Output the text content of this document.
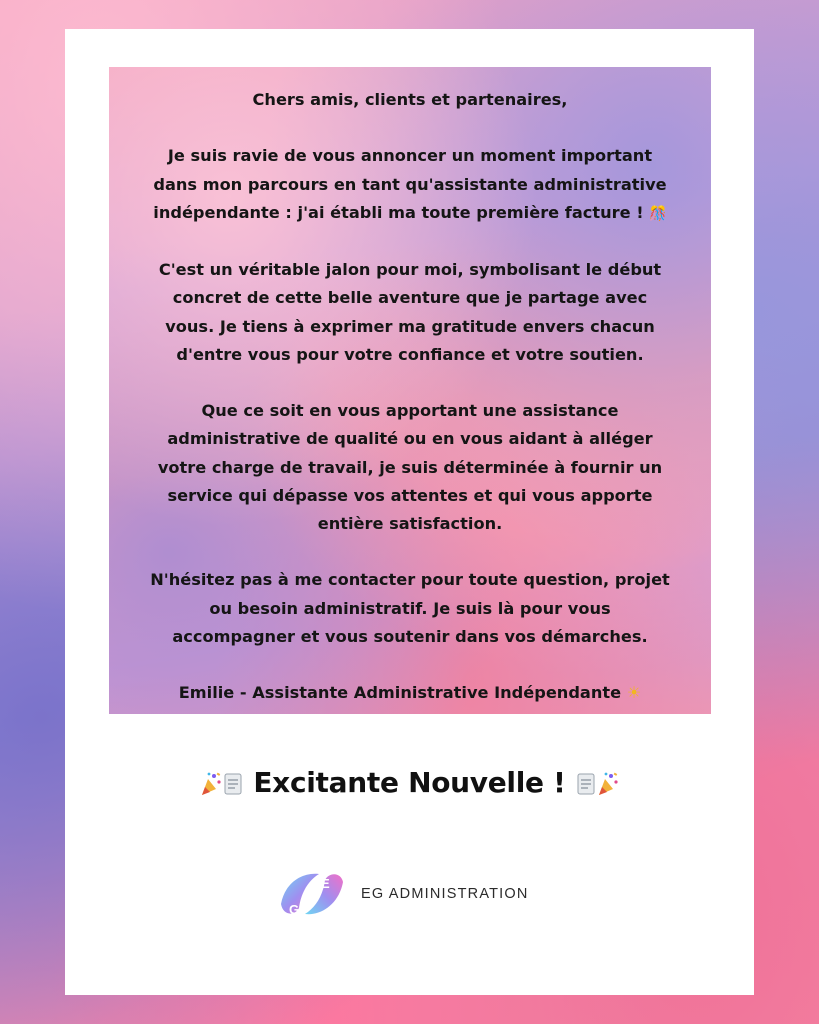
Chers amis, clients et partenaires,

Je suis ravie de vous annoncer un moment important

dans mon parcours en tant qu'assistante administrative

indépendante : j'ai établi ma toute première facture ! 🎊

C'est un véritable jalon pour moi, symbolisant le début

concret de cette belle aventure que je partage avec

vous. Je tiens à exprimer ma gratitude envers chacun

d'entre vous pour votre confiance et votre soutien.

Que ce soit en vous apportant une assistance

administrative de qualité ou en vous aidant à alléger

votre charge de travail, je suis déterminée à fournir un

service qui dépasse vos attentes et qui vous apporte

entière satisfaction.

N'hésitez pas à me contacter pour toute question, projet

ou besoin administratif. Je suis là pour vous

accompagner et vous soutenir dans vos démarches.

Emilie - Assistante Administrative Indépendante ☀

Excitante Nouvelle !
E
G
EG ADMINISTRATION
